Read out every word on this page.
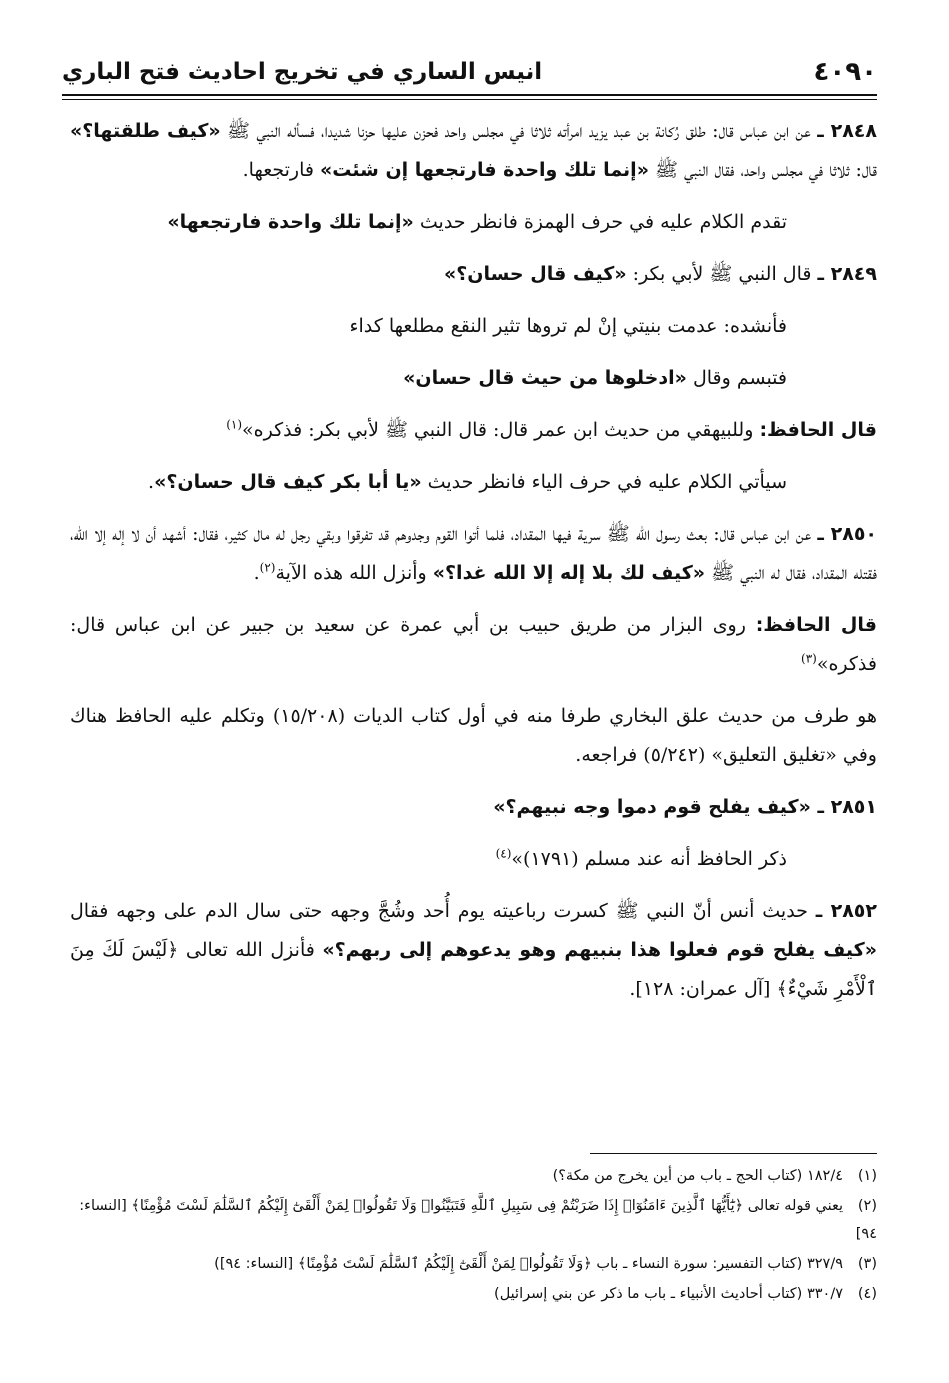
انيس الساري في تخريج احاديث فتح الباري	٤٠٩٠
٢٨٤٨ ـ عن ابن عباس قال: طلق رُكانة بن عبد يزيد امرأته ثلاثا في مجلس واحد فحزن عليها حزنا شديدا، فسأله النبي ﷺ «كيف طلقتها؟» قال: ثلاثا في مجلس واحد، فقال النبي ﷺ «إنما تلك واحدة فارتجعها إن شئت» فارتجعها.
تقدم الكلام عليه في حرف الهمزة فانظر حديث «إنما تلك واحدة فارتجعها»
٢٨٤٩ ـ قال النبي ﷺ لأبي بكر: «كيف قال حسان؟»
فأنشده: عدمت بنيتي إنْ لم تروها تثير النقع مطلعها كداء
فتبسم وقال «ادخلوها من حيث قال حسان»
قال الحافظ: وللبيهقي من حديث ابن عمر قال: قال النبي ﷺ لأبي بكر: فذكره»$^{(١)}$
سيأتي الكلام عليه في حرف الياء فانظر حديث «يا أبا بكر كيف قال حسان؟».
٢٨٥٠ ـ عن ابن عباس قال: بعث رسول الله ﷺ سرية فيها المقداد، فلما أتوا القوم وجدوهم قد تفرقوا وبقي رجل له مال كثير، فقال: أشهد أن لا إله إلا الله، فقتله المقداد، فقال له النبي ﷺ «كيف لك بلا إله إلا الله غدا؟» وأنزل الله هذه الآية$^{(٢)}$.
قال الحافظ: روى البزار من طريق حبيب بن أبي عمرة عن سعيد بن جبير عن ابن عباس قال: فذكره»$^{(٣)}$
هو طرف من حديث علق البخاري طرفا منه في أول كتاب الديات (١٥/٢٠٨) وتكلم عليه الحافظ هناك وفي «تغليق التعليق» (٥/٢٤٢) فراجعه.
٢٨٥١ ـ «كيف يفلح قوم دموا وجه نبيهم؟»
ذكر الحافظ أنه عند مسلم (١٧٩١)»$^{(٤)}$
٢٨٥٢ ـ حديث أنس أنّ النبي ﷺ كسرت رباعيته يوم أُحد وشُجَّ وجهه حتى سال الدم على وجهه فقال «كيف يفلح قوم فعلوا هذا بنبيهم وهو يدعوهم إلى ربهم؟» فأنزل الله تعالى ﴿لَيْسَ لَكَ مِنَ ٱلْأَمْرِ شَيْءٌ﴾ [آل عمران: ١٢٨].
(١)١٨٢/٤ (كتاب الحج ـ باب من أين يخرج من مكة؟)
(٢)يعني قوله تعالى ﴿يَٰٓأَيُّهَا ٱلَّذِينَ ءَامَنُوٓا۟ إِذَا ضَرَبْتُمْ فِى سَبِيلِ ٱللَّهِ فَتَبَيَّنُوا۟ وَلَا تَقُولُوا۟ لِمَنْ أَلْقَىٰٓ إِلَيْكُمُ ٱلسَّلَٰمَ لَسْتَ مُؤْمِنًا﴾ [النساء: ٩٤]
(٣)٣٢٧/٩ (كتاب التفسير: سورة النساء ـ باب ﴿وَلَا تَقُولُوا۟ لِمَنْ أَلْقَىٰٓ إِلَيْكُمُ ٱلسَّلَٰمَ لَسْتَ مُؤْمِنًا﴾ [النساء: ٩٤])
(٤)٣٣٠/٧ (كتاب أحاديث الأنبياء ـ باب ما ذكر عن بني إسرائيل)
